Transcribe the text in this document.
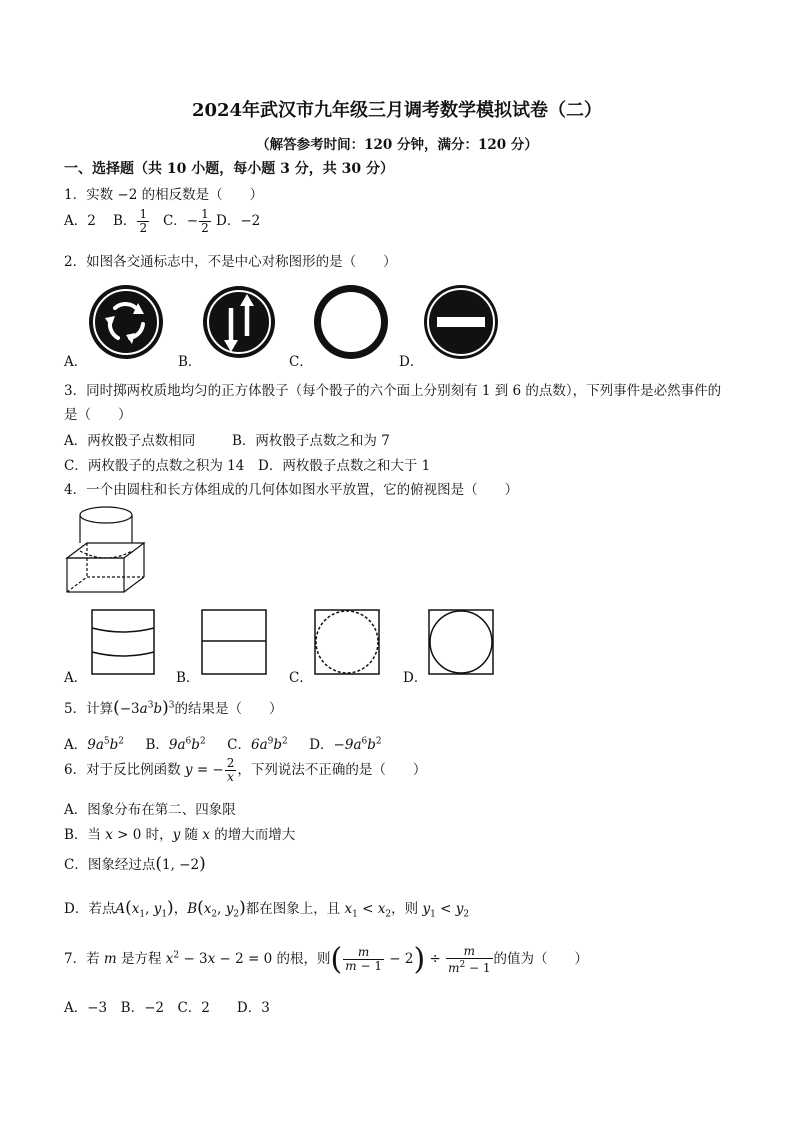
2024年武汉市九年级三月调考数学模拟试卷（二）
（解答参考时间：120 分钟，满分：120 分）
一、选择题（共 10 小题，每小题 3 分，共 30 分）
1．实数 −2 的相反数是（　　）
A．2 B． $\frac{1}{2}$ C．− $\frac{1}{2}$ D．−2
2．如图各交通标志中，不是中心对称图形的是（　　）
A．	B．	C．	D．
3．同时掷两枚质地均匀的正方体骰子（每个骰子的六个面上分别刻有 1 到 6 的点数），下列事件是必然事件的
是（　　）
A．两枚骰子点数相同	B．两枚骰子点数之和为 7
C．两枚骰子的点数之积为 14 D．两枚骰子点数之和大于 1
4．一个由圆柱和长方体组成的几何体如图水平放置，它的俯视图是（　　）
A．	B．	C．	D．
5．计算$(-3a^3b)^3$的结果是（　　）
A．$9a^5b^2$ B．$9a^6b^2$ C．$6a^9b^2$ D．$-9a^6b^2$
6．对于反比例函数 y = − $\frac{2}{x}$ ，下列说法不正确的是（　　）
A．图象分布在第二、四象限
B．当 x > 0 时，y 随 x 的增大而增大
C．图象经过点(1, −2)
D．若点$A(x_1$, $y_1$)，$B(x_2$, $y_2$)都在图象上，且 $x_1 < x_2$，则 $y_1 < y_2$
7．若 m 是方程 $x^2 - 3x - 2 = 0$ 的根，则( $\frac{m}{m - 1} - 2) \div \frac{m}{m^2 - 1}$ 的值为（　　）
A．−3　B．−2　C．2　　D．3
